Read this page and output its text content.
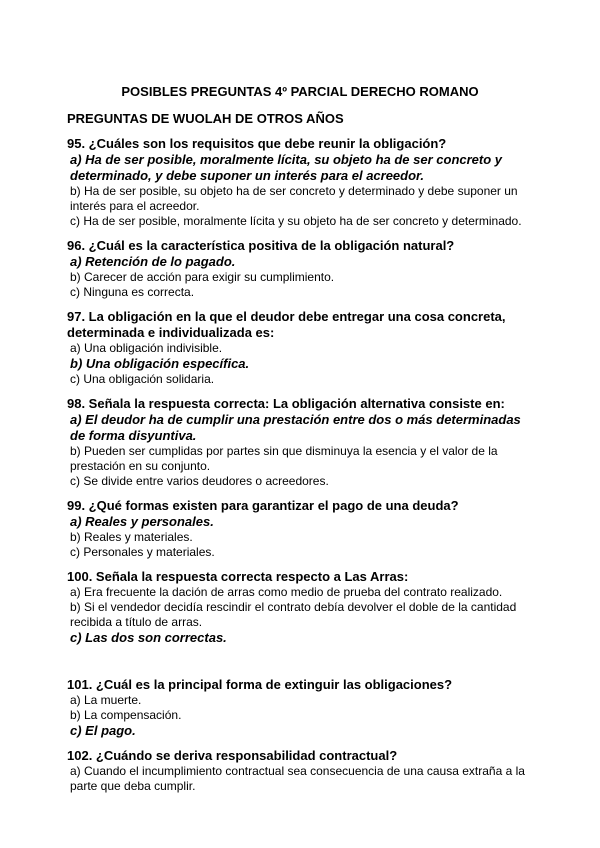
POSIBLES PREGUNTAS 4º PARCIAL DERECHO ROMANO
PREGUNTAS DE WUOLAH DE OTROS AÑOS

95. ¿Cuáles son los requisitos que debe reunir la obligación?

a) Ha de ser posible, moralmente lícita, su objeto ha de ser concreto y determinado, y debe suponer un interés para el acreedor.

b) Ha de ser posible, su objeto ha de ser concreto y determinado y debe suponer un interés para el acreedor.

c) Ha de ser posible, moralmente lícita y su objeto ha de ser concreto y determinado.

96. ¿Cuál es la característica positiva de la obligación natural?

a) Retención de lo pagado.

b) Carecer de acción para exigir su cumplimiento.

c) Ninguna es correcta.

97. La obligación en la que el deudor debe entregar una cosa concreta, determinada e individualizada es:

a) Una obligación indivisible.

b) Una obligación específica.

c) Una obligación solidaria.

98. Señala la respuesta correcta: La obligación alternativa consiste en:

a) El deudor ha de cumplir una prestación entre dos o más determinadas de forma disyuntiva.

b) Pueden ser cumplidas por partes sin que disminuya la esencia y el valor de la prestación en su conjunto.

c) Se divide entre varios deudores o acreedores.

99. ¿Qué formas existen para garantizar el pago de una deuda?

a) Reales y personales.

b) Reales y materiales.

c) Personales y materiales.

100. Señala la respuesta correcta respecto a Las Arras:

a) Era frecuente la dación de arras como medio de prueba del contrato realizado.

b) Si el vendedor decidía rescindir el contrato debía devolver el doble de la cantidad recibida a título de arras.

c) Las dos son correctas.

101. ¿Cuál es la principal forma de extinguir las obligaciones?

a) La muerte.

b) La compensación.

c) El pago.

102. ¿Cuándo se deriva responsabilidad contractual?

a) Cuando el incumplimiento contractual sea consecuencia de una causa extraña a la parte que deba cumplir.
